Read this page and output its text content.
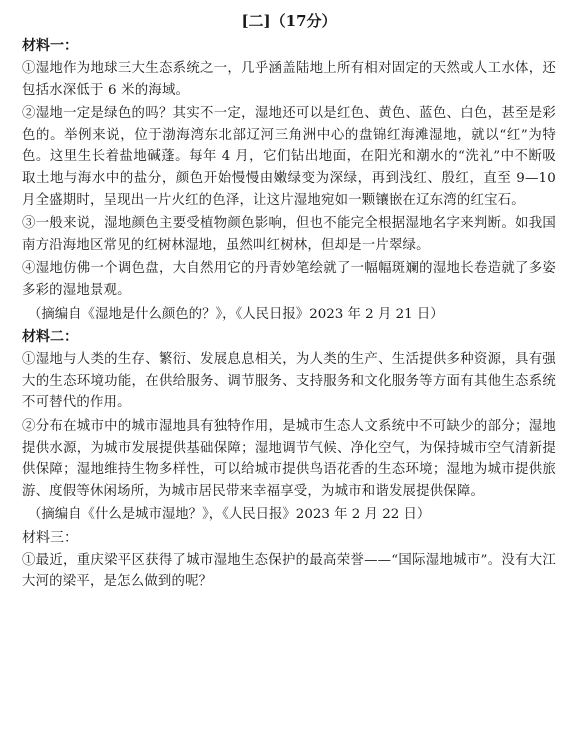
[二]（17分）
材料一：

①湿地作为地球三大生态系统之一，几乎涵盖陆地上所有相对固定的天然或人工水体，还包括水深低于 6 米的海域。

②湿地一定是绿色的吗？其实不一定，湿地还可以是红色、黄色、蓝色、白色，甚至是彩色的。举例来说，位于渤海湾东北部辽河三角洲中心的盘锦红海滩湿地，就以“红”为特色。这里生长着盐地碱蓬。每年 4 月，它们钻出地面，在阳光和潮水的“洗礼”中不断吸取土地与海水中的盐分，颜色开始慢慢由嫩绿变为深绿，再到浅红、殷红，直至 9—10 月全盛期时，呈现出一片火红的色泽，让这片湿地宛如一颗镶嵌在辽东湾的红宝石。

③一般来说，湿地颜色主要受植物颜色影响，但也不能完全根据湿地名字来判断。如我国南方沿海地区常见的红树林湿地，虽然叫红树林，但却是一片翠绿。

④湿地仿佛一个调色盘，大自然用它的丹青妙笔绘就了一幅幅斑斓的湿地长卷造就了多姿多彩的湿地景观。

（摘编自《湿地是什么颜色的？》，《人民日报》2023 年 2 月 21 日）

材料二：

①湿地与人类的生存、繁衍、发展息息相关，为人类的生产、生活提供多种资源，具有强大的生态环境功能，在供给服务、调节服务、支持服务和文化服务等方面有其他生态系统不可替代的作用。

②分布在城市中的城市湿地具有独特作用，是城市生态人文系统中不可缺少的部分；湿地提供水源，为城市发展提供基础保障；湿地调节气候、净化空气，为保持城市空气清新提供保障；湿地维持生物多样性，可以给城市提供鸟语花香的生态环境；湿地为城市提供旅游、度假等休闲场所，为城市居民带来幸福享受，为城市和谐发展提供保障。

（摘编自《什么是城市湿地？》，《人民日报》2023 年 2 月 22 日）

材料三：

①最近，重庆梁平区获得了城市湿地生态保护的最高荣誉——“国际湿地城市”。没有大江大河的梁平，是怎么做到的呢？
